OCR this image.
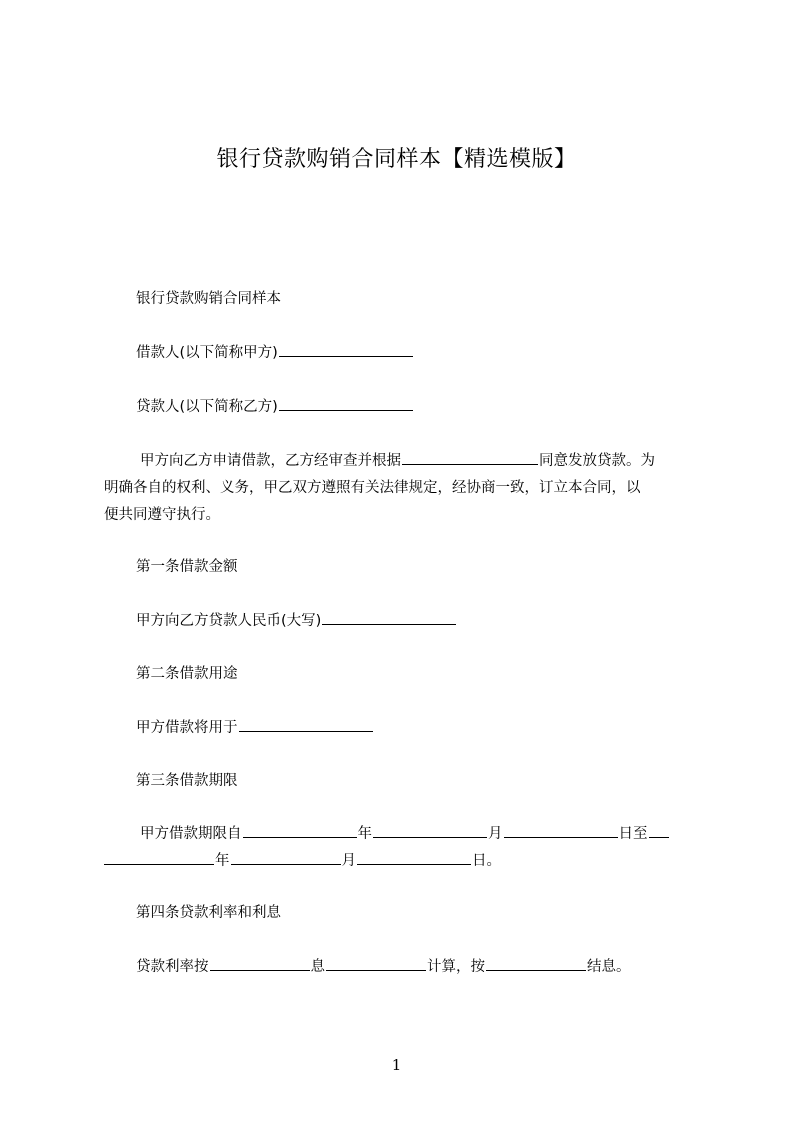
银行贷款购销合同样本【精选模版】
银行贷款购销合同样本
借款人(以下简称甲方)
贷款人(以下简称乙方)
甲方向乙方申请借款，乙方经审查并根据	同意发放贷款。为
明确各自的权利、义务，甲乙双方遵照有关法律规定，经协商一致，订立本合同，以
便共同遵守执行。
第一条借款金额
甲方向乙方贷款人民币(大写)
第二条借款用途
甲方借款将用于
第三条借款期限
甲方借款期限自	年	月	日至
年	月	日。
第四条贷款利率和利息
贷款利率按	息	计算，按	结息。
1
